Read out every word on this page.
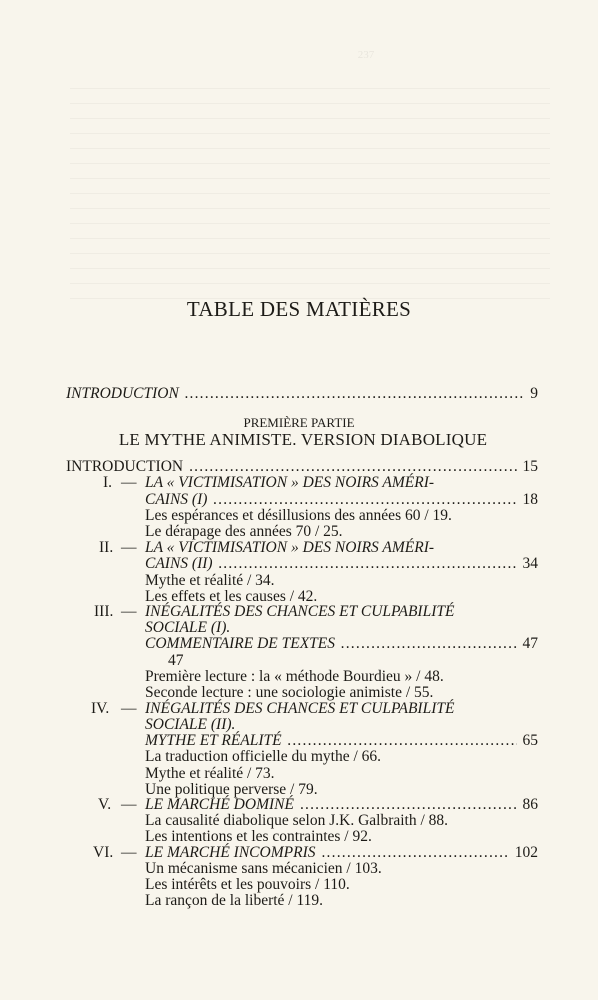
237
TABLE DES MATIÈRES
INTRODUCTION .....	9
PREMIÈRE PARTIE
LE MYTHE ANIMISTE. VERSION DIABOLIQUE
INTRODUCTION .....	15
I. — LA « VICTIMISATION » DES NOIRS AMÉRI-
CAINS (I) .....	18
Les espérances et désillusions des années 60 / 19.
Le dérapage des années 70 / 25.
II. — LA « VICTIMISATION » DES NOIRS AMÉRI-
CAINS (II) .....	34
Mythe et réalité / 34.
Les effets et les causes / 42.
III. — INÉGALITÉS DES CHANCES ET CULPABILITÉ
SOCIALE (I).
COMMENTAIRE DE TEXTES .....	47
47
Première lecture : la « méthode Bourdieu » / 48.
Seconde lecture : une sociologie animiste / 55.
IV. — INÉGALITÉS DES CHANCES ET CULPABILITÉ
SOCIALE (II).
MYTHE ET RÉALITÉ .....	65
La traduction officielle du mythe / 66.
Mythe et réalité / 73.
Une politique perverse / 79.
V. — LE MARCHÉ DOMINÉ .....	86
La causalité diabolique selon J.K. Galbraith / 88.
Les intentions et les contraintes / 92.
VI. — LE MARCHÉ INCOMPRIS .....	102
Un mécanisme sans mécanicien / 103.
Les intérêts et les pouvoirs / 110.
La rançon de la liberté / 119.
